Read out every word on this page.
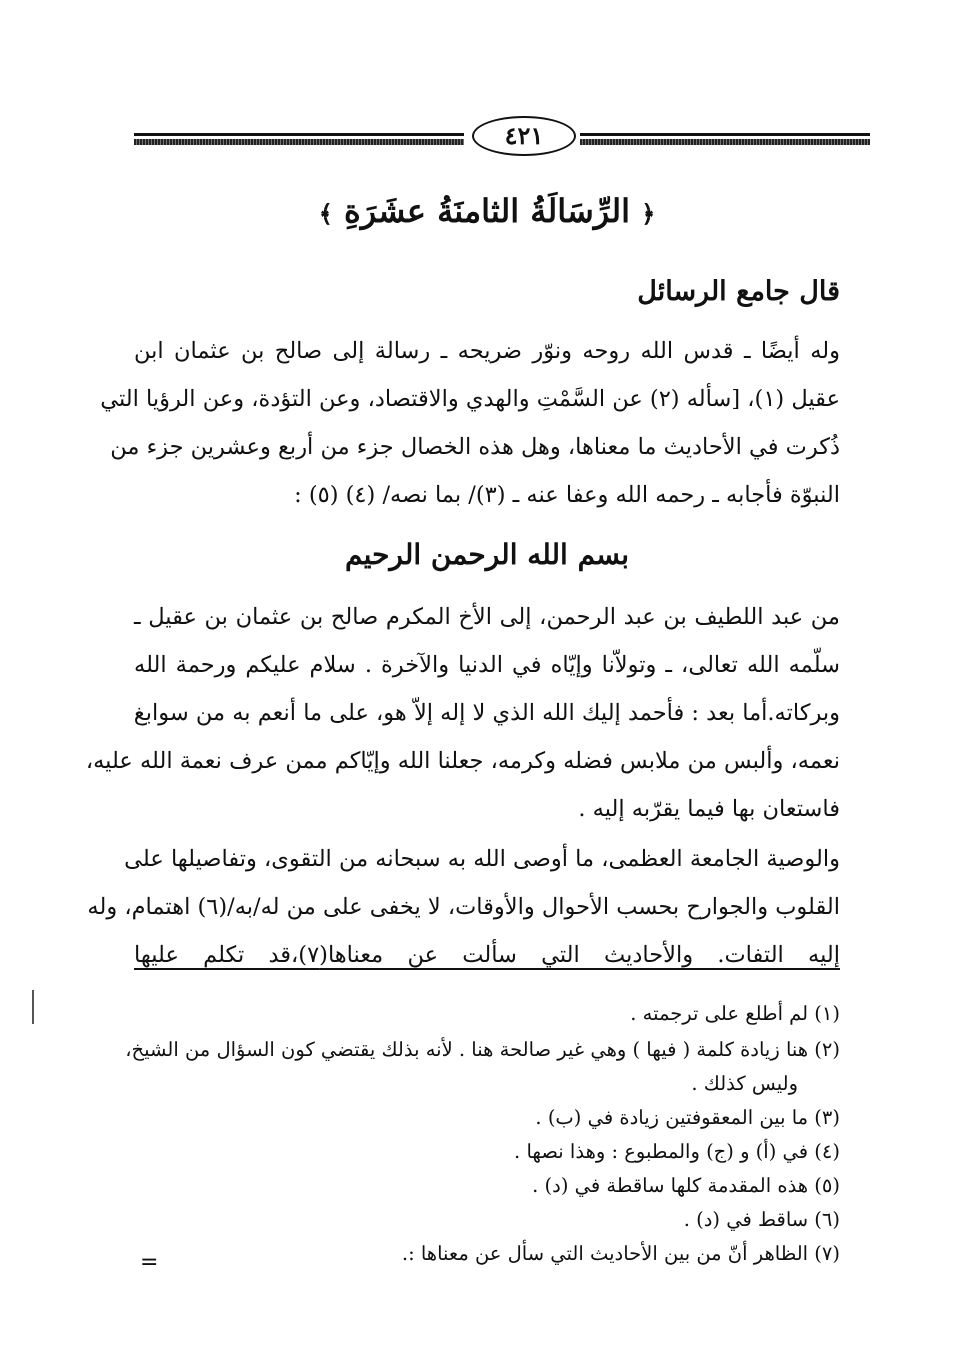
٤٢١
﴿ الرِّسَالَةُ الثامنَةُ عشَرَةِ ﴾
قال جامع الرسائل
وله أيضًا ـ قدس الله روحه ونوّر ضريحه ـ رسالة إلى صالح بن عثمان ابن
عقيل (١)، [سأله (٢) عن السَّمْتِ والهدي والاقتصاد، وعن التؤدة، وعن الرؤيا التي
ذُكرت في الأحاديث ما معناها، وهل هذه الخصال جزء من أربع وعشرين جزء من
النبوّة فأجابه ـ رحمه الله وعفا عنه ـ (٣)/ بما نصه/ (٤) (٥) :
بسم الله الرحمن الرحيم
من عبد اللطيف بن عبد الرحمن، إلى الأخ المكرم صالح بن عثمان بن عقيل ـ
سلّمه الله تعالى، ـ وتولاّنا وإيّاه في الدنيا والآخرة . سلام عليكم ورحمة الله
وبركاته.أما بعد : فأحمد إليك الله الذي لا إله إلاّ هو، على ما أنعم به من سوابغ
نعمه، وألبس من ملابس فضله وكرمه، جعلنا الله وإيّاكم ممن عرف نعمة الله عليه،
فاستعان بها فيما يقرّبه إليه .
والوصية الجامعة العظمى، ما أوصى الله به سبحانه من التقوى، وتفاصيلها على
القلوب والجوارح بحسب الأحوال والأوقات، لا يخفى على من له/به/(٦) اهتمام، وله
إليه التفات. والأحاديث التي سألت عن معناها(٧)،قد تكلم عليها
(١) لم أطلع على ترجمته .
(٢) هنا زيادة كلمة ( فيها ) وهي غير صالحة هنا . لأنه بذلك يقتضي كون السؤال من الشيخ،
وليس كذلك .
(٣) ما بين المعقوفتين زيادة في (ب) .
(٤) في (أ) و (ج) والمطبوع : وهذا نصها .
(٥) هذه المقدمة كلها ساقطة في (د) .
(٦) ساقط في (د) .
(٧) الظاهر أنّ من بين الأحاديث التي سأل عن معناها :.
=
